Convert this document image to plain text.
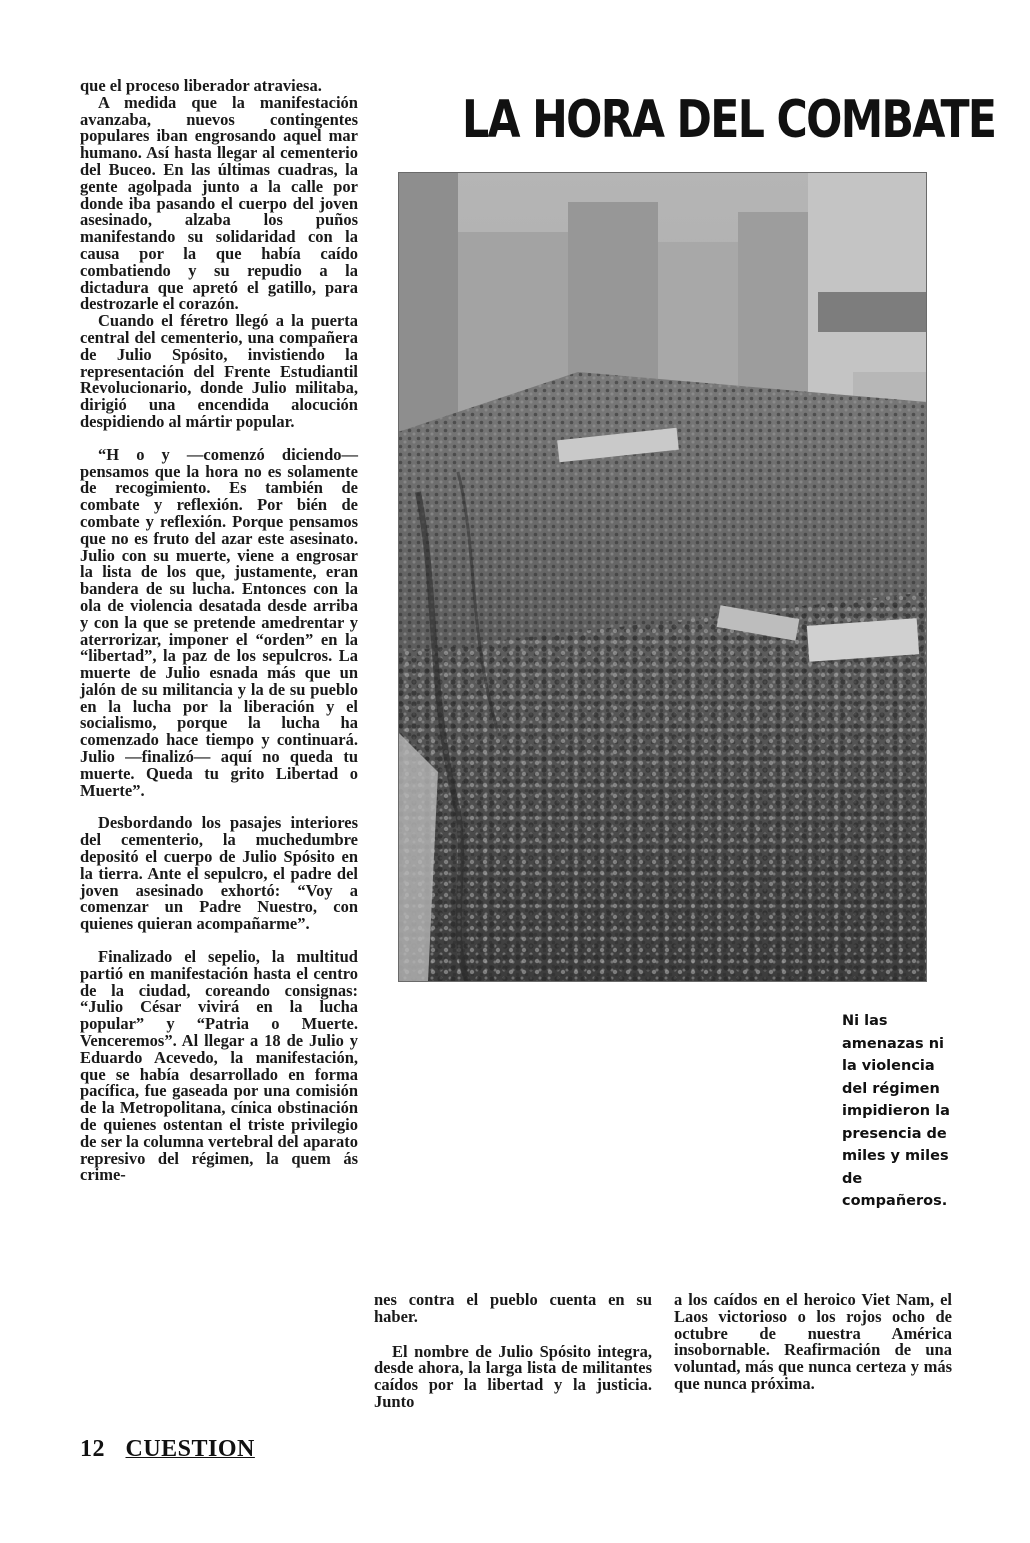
que el proceso liberador atraviesa.

A medida que la manifestación avanzaba, nuevos contingentes populares iban engrosando aquel mar humano. Así hasta llegar al cementerio del Buceo. En las últimas cuadras, la gente agolpada junto a la calle por donde iba pasando el cuerpo del joven asesinado, alzaba los puños manifestando su solidaridad con la causa por la que había caído combatiendo y su repudio a la dictadura que apretó el gatillo, para destrozarle el corazón.

Cuando el féretro llegó a la puerta central del cementerio, una compañera de Julio Spósito, invistiendo la representación del Frente Estudiantil Revolucionario, donde Julio militaba, dirigió una encendida alocución despidiendo al mártir popular.

“H o y —comenzó diciendo— pensamos que la hora no es solamente de recogimiento. Es también de combate y reflexión. Por bién de combate y reflexión. Porque pensamos que no es fruto del azar este asesinato. Julio con su muerte, viene a engrosar la lista de los que, justamente, eran bandera de su lucha. Entonces con la ola de violencia desatada desde arriba y con la que se pretende amedrentar y aterrorizar, imponer el “orden” en la “libertad”, la paz de los sepulcros. La muerte de Julio esnada más que un jalón de su militancia y la de su pueblo en la lucha por la liberación y el socialismo, porque la lucha ha comenzado hace tiempo y continuará. Julio —finalizó— aquí no queda tu muerte. Queda tu grito Libertad o Muerte”.

Desbordando los pasajes interiores del cementerio, la muchedumbre depositó el cuerpo de Julio Spósito en la tierra. Ante el sepulcro, el padre del joven asesinado exhortó: “Voy a comenzar un Padre Nuestro, con quienes quieran acompañarme”.

Finalizado el sepelio, la multitud partió en manifestación hasta el centro de la ciudad, coreando consignas: “Julio César vivirá en la lucha popular” y “Patria o Muerte. Venceremos”. Al llegar a 18 de Julio y Eduardo Acevedo, la manifestación, que se había desarrollado en forma pacífica, fue gaseada por una comisión de la Metropolitana, cínica obstinación de quienes ostentan el triste privilegio de ser la columna vertebral del aparato represivo del régimen, la quem ás crime-

LA HORA DEL COMBATE
Ni las amenazas ni la violencia del régimen impidieron la presencia de miles y miles de compañeros.

nes contra el pueblo cuenta en su haber.

El nombre de Julio Spósito integra, desde ahora, la larga lista de militantes caídos por la libertad y la justicia. Junto

a los caídos en el heroico Viet Nam, el Laos victorioso o los rojos ocho de octubre de nuestra América insobornable. Reafirmación de una voluntad, más que nunca certeza y más que nunca próxima.

12 CUESTION
